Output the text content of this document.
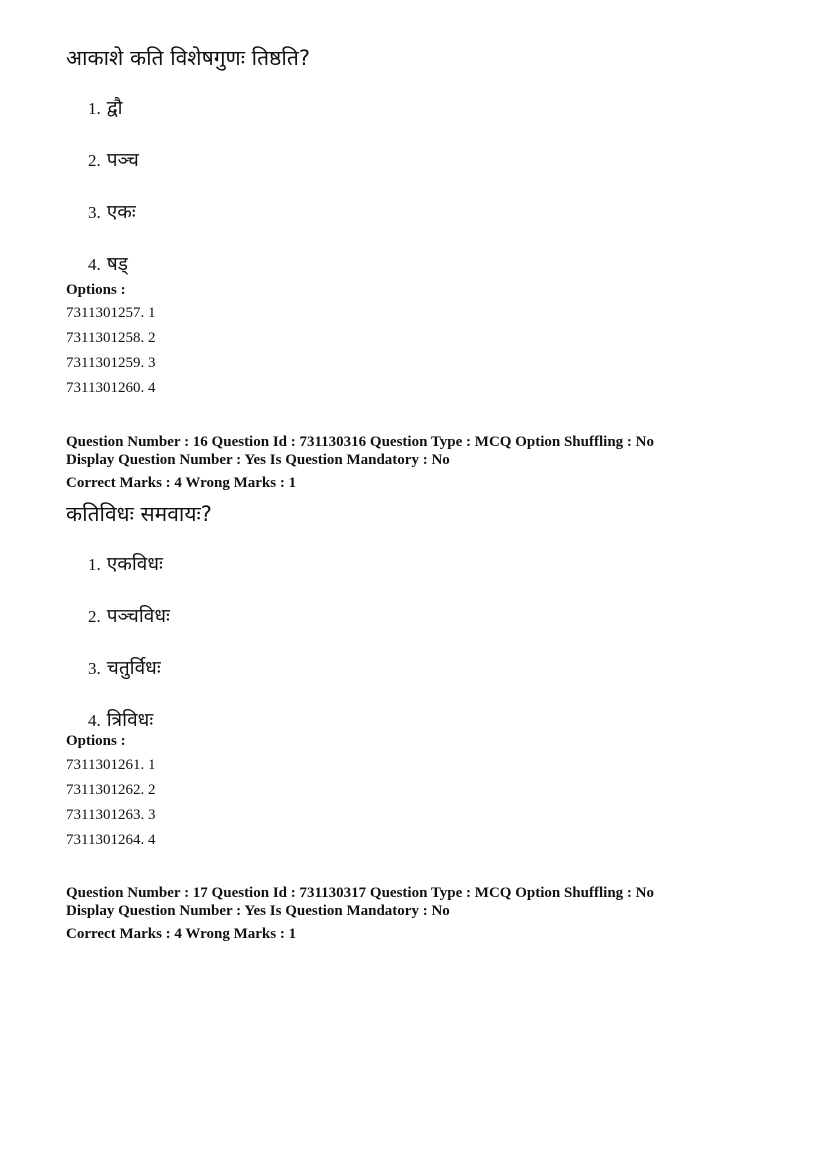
आकाशे कति विशेषगुणः तिष्ठति?
1. द्वौ
2. पञ्च
3. एकः
4. षड्
Options :
7311301257. 1
7311301258. 2
7311301259. 3
7311301260. 4
Question Number : 16 Question Id : 731130316 Question Type : MCQ Option Shuffling : No
Display Question Number : Yes Is Question Mandatory : No
Correct Marks : 4 Wrong Marks : 1
कतिविधः समवायः?
1. एकविधः
2. पञ्चविधः
3. चतुर्विधः
4. त्रिविधः
Options :
7311301261. 1
7311301262. 2
7311301263. 3
7311301264. 4
Question Number : 17 Question Id : 731130317 Question Type : MCQ Option Shuffling : No
Display Question Number : Yes Is Question Mandatory : No
Correct Marks : 4 Wrong Marks : 1
